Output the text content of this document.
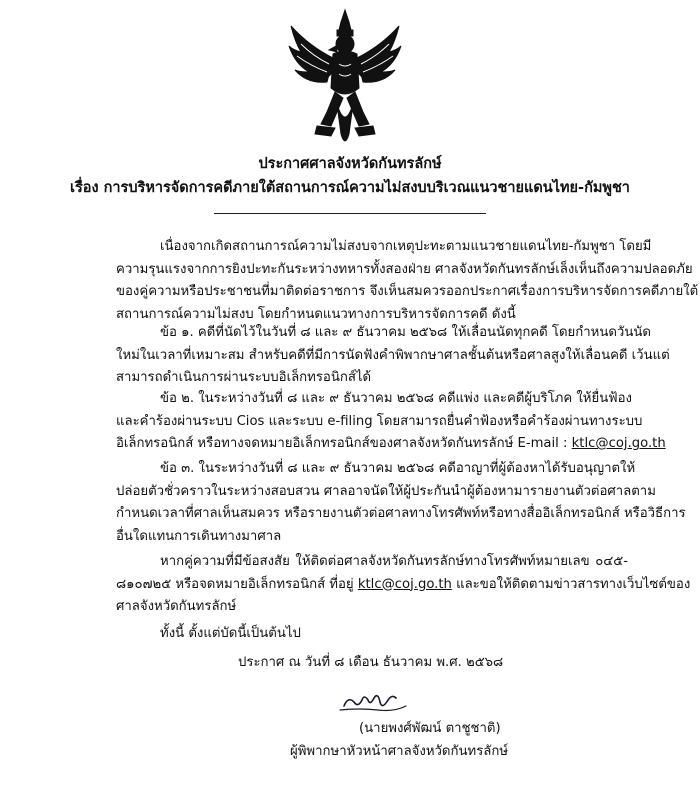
ประกาศศาลจังหวัดกันทรลักษ์
เรื่อง การบริหารจัดการคดีภายใต้สถานการณ์ความไม่สงบบริเวณแนวชายแดนไทย-กัมพูชา
เนื่องจากเกิดสถานการณ์ความไม่สงบจากเหตุปะทะตามแนวชายแดนไทย-กัมพูชา โดยมี
ความรุนแรงจากการยิงปะทะกันระหว่างทหารทั้งสองฝ่าย ศาลจังหวัดกันทรลักษ์เล็งเห็นถึงความปลอดภัย
ของคู่ความหรือประชาชนที่มาติดต่อราชการ จึงเห็นสมควรออกประกาศเรื่องการบริหารจัดการคดีภายใต้
สถานการณ์ความไม่สงบ โดยกำหนดแนวทางการบริหารจัดการคดี ดังนี้
ข้อ ๑. คดีที่นัดไว้ในวันที่ ๘ และ ๙ ธันวาคม ๒๕๖๘ ให้เลื่อนนัดทุกคดี โดยกำหนดวันนัด
ใหม่ในเวลาที่เหมาะสม สำหรับคดีที่มีการนัดฟังคำพิพากษาศาลชั้นต้นหรือศาลสูงให้เลื่อนคดี เว้นแต่
สามารถดำเนินการผ่านระบบอิเล็กทรอนิกส์ได้
ข้อ ๒. ในระหว่างวันที่ ๘ และ ๙ ธันวาคม ๒๕๖๘ คดีแพ่ง และคดีผู้บริโภค ให้ยื่นฟ้อง
และคำร้องผ่านระบบ Cios และระบบ e-filing โดยสามารถยื่นคำฟ้องหรือคำร้องผ่านทางระบบ
อิเล็กทรอนิกส์ หรือทางจดหมายอิเล็กทรอนิกส์ของศาลจังหวัดกันทรลักษ์ E-mail : ktlc@coj.go.th
ข้อ ๓. ในระหว่างวันที่ ๘ และ ๙ ธันวาคม ๒๕๖๘ คดีอาญาที่ผู้ต้องหาได้รับอนุญาตให้
ปล่อยตัวชั่วคราวในระหว่างสอบสวน ศาลอาจนัดให้ผู้ประกันนำผู้ต้องหามารายงานตัวต่อศาลตาม
กำหนดเวลาที่ศาลเห็นสมควร หรือรายงานตัวต่อศาลทางโทรศัพท์หรือทางสื่ออิเล็กทรอนิกส์ หรือวิธีการ
อื่นใดแทนการเดินทางมาศาล
หากคู่ความที่มีข้อสงสัย ให้ติดต่อศาลจังหวัดกันทรลักษ์ทางโทรศัพท์หมายเลข ๐๔๕-
๘๑๐๗๒๕ หรือจดหมายอิเล็กทรอนิกส์ ที่อยู่ ktlc@coj.go.th และขอให้ติดตามข่าวสารทางเว็บไซต์ของ
ศาลจังหวัดกันทรลักษ์
ทั้งนี้ ตั้งแต่บัดนี้เป็นต้นไป
ประกาศ ณ วันที่ ๘ เดือน ธันวาคม พ.ศ. ๒๕๖๘
(นายพงศ์พัฒน์ ตาชูชาติ)
ผู้พิพากษาหัวหน้าศาลจังหวัดกันทรลักษ์
